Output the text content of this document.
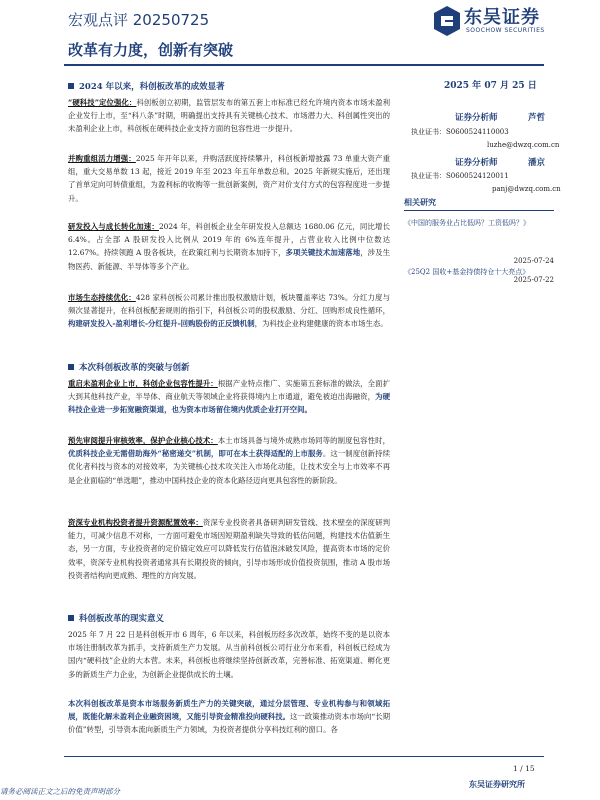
宏观点评 20250725
改革有力度，创新有突破
东吴证券
SOOCHOW SECURITIES
2025 年 07 月 25 日
证券分析师	芦哲
执业证书：S0600524110003
luzhe@dwzq.com.cn
证券分析师	潘京
执业证书：S0600524120011
相关研究
《中国的服务业占比低吗？工资低吗？》
2025-07-24
《25Q2 国收+基金持债持仓十大亮点》
2025-07-22
2024 年以来，科创板改革的成效显著
“硬科技”定位强化：科创板创立初期，监管层发布的第五套上市标准已经允许境内资本市场未盈利企业发行上市，至“科八条”时期，明确提出支持具有关键核心技术、市场潜力大、科创属性突出的未盈利企业上市，科创板在硬科技企业支持方面的包容性进一步提升。
并购重组活力增强：2025 年开年以来，并购活跃度持续攀升，科创板新增披露 73 单重大资产重组，重大交易单数 13 起，接近 2019 年至 2023 年五年单数总和。2025 年新规实施后，还出现了首单定向可转债重组，为盈利标的收购等一批创新案例，资产对价支付方式的包容程度进一步提升。
研发投入与成长转化加速：2024 年，科创板企业全年研发投入总额达 1680.06 亿元，同比增长 6.4%。占全部 A 股研发投入比例从 2019 年的 6%连年提升，占营业收入比例中位数达 12.67%。持续领跑 A 股各板块，在政策红利与长期资本加持下，多项关键技术加速落地，涉及生物医药、新能源、半导体等多个产业。
市场生态持续优化：428 家科创板公司累计推出股权激励计划，板块覆盖率达 73%。分红力度与频次显著提升，在科创板配套规则的指引下，科创板公司的股权激励、分红、回购形成良性循环，构建研发投入-盈利增长-分红提升-回购股份的正反馈机制，为科技企业构建健康的资本市场生态。
本次科创板改革的突破与创新
重启未盈利企业上市，科创企业包容性提升：根据产业特点推广、实施第五套标准的做法，全面扩大到其他科技产业，半导体、商业航天等领域企业将获得境内上市通道，避免被迫出海融资，为硬科技企业进一步拓宽融资渠道，也为资本市场留住境内优质企业打开空间。
预先审阅提升审核效率，保护企业核心技术：本土市场具备与境外成熟市场同等的制度包容性时，优质科技企业无需借助海外“秘密递交”机制，即可在本土获得适配的上市服务。这一制度创新持续优化者科技与资本的对接效率，为关键核心技术攻关注入市场化动能，让技术安全与上市效率不再是企业面临的“单选题”，推动中国科技企业的资本化路径迈向更具包容性的新阶段。
资深专业机构投资者提升资源配置效率：资深专业投资者具备研判研发管线、技术壁垒的深度研判能力，可减少信息不对称，一方面可避免市场因短期盈利缺失导致的低估问题，构建技术估值新生态，另一方面，专业投资者的定价锚定效应可以降低发行估值泡沫破发风险，提高资本市场的定价效率，资深专业机构投资者通常具有长期投资的倾向，引导市场形成价值投资氛围，推动 A 股市场投资者结构向更成熟、理性的方向发展。
科创板改革的现实意义
2025 年 7 月 22 日是科创板开市 6 周年，6 年以来，科创板历经多次改革，始终不变的是以资本市场注册制改革为抓手，支持新质生产力发展。从当前科创板公司行业分布来看，科创板已经成为国内“硬科技”企业的大本营。未来，科创板也将继续坚持创新改革，完善标准、拓宽渠道、孵化更多的新质生产力企业，为创新企业提供成长的土壤。
本次科创板改革是资本市场服务新质生产力的关键突破，通过分层管理、专业机构参与和领域拓展，既能化解未盈利企业融资困境，又能引导资金精准投向硬科技。这一政策推动资本市场向“长期价值”转型，引导资本流向新质生产力领域，为投资者提供分享科技红利的窗口。各
1 / 15
东吴证券研究所
请务必阅读正文之后的免责声明部分
panj@dwzq.com.cn
